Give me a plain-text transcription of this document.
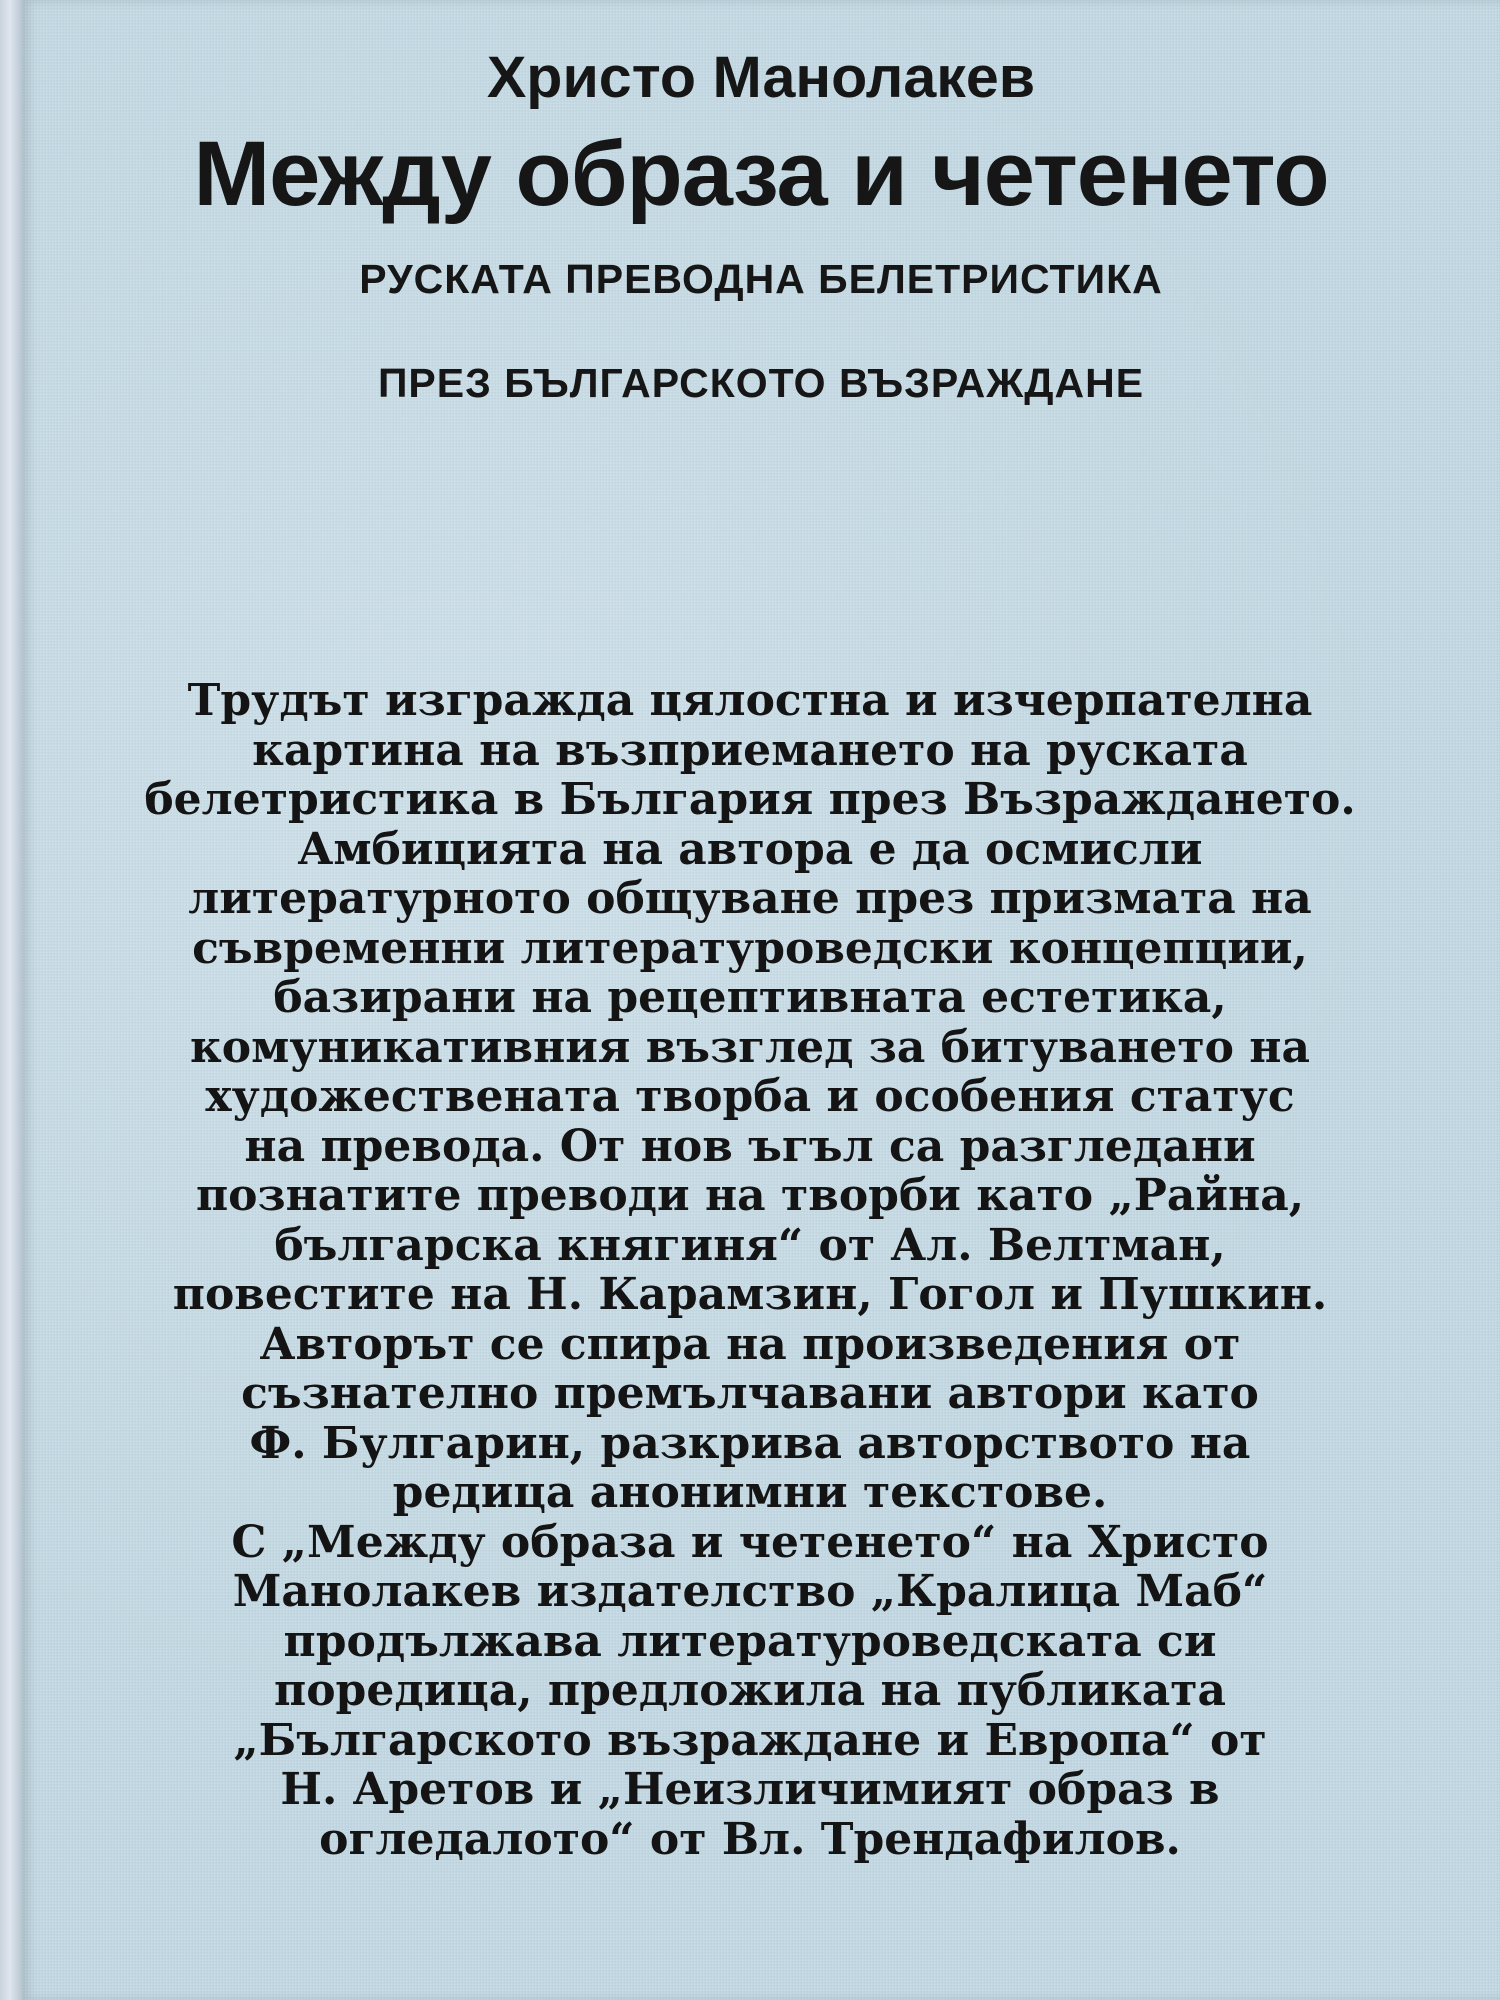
Христо Манолакев
Между образа и четенето
РУСКАТА ПРЕВОДНА БЕЛЕТРИСТИКА
ПРЕЗ БЪЛГАРСКОТО ВЪЗРАЖДАНЕ
Трудът изгражда цялостна и изчерпателна
картина на възприемането на руската
белетристика в България през Възраждането.
Амбицията на автора е да осмисли
литературното общуване през призмата на
съвременни литературоведски концепции,
базирани на рецептивната естетика,
комуникативния възглед за битуването на
художествената творба и особения статус
на превода. От нов ъгъл са разгледани
познатите преводи на творби като „Райна,
българска княгиня“ от Ал. Велтман,
повестите на Н. Карамзин, Гогол и Пушкин.
Авторът се спира на произведения от
съзнателно премълчавани автори като
Ф. Булгарин, разкрива авторството на
редица анонимни текстове.
С „Между образа и четенето“ на Христо
Манолакев издателство „Кралица Маб“
продължава литературоведската си
поредица, предложила на публиката
„Българското възраждане и Европа“ от
Н. Аретов и „Неизличимият образ в
огледалото“ от Вл. Трендафилов.
